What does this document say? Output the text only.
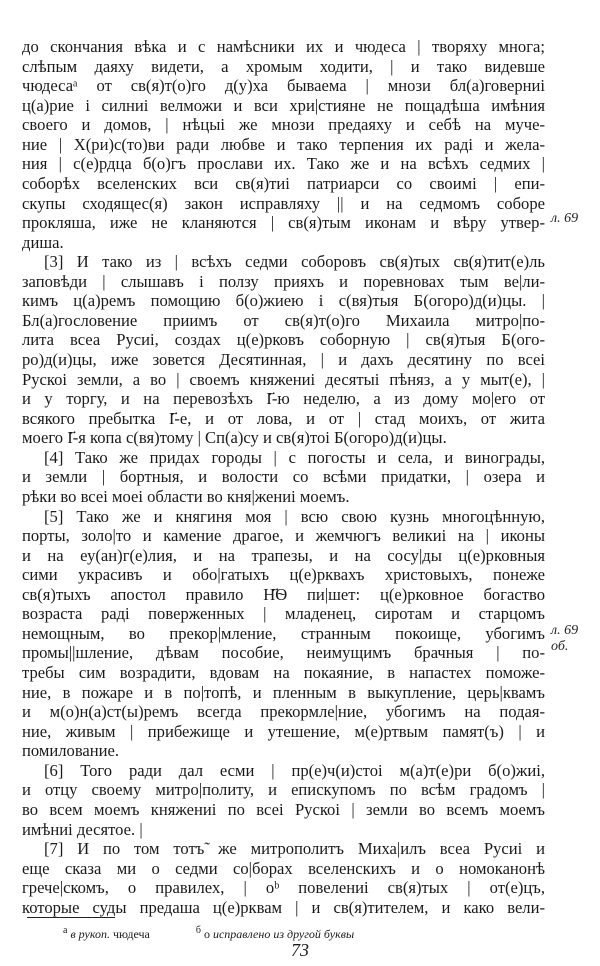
до скончания вѣка и с намѣсники их и чюдеса | творяху многа;
слѣпым даяху видети, а хромым ходити, | и тако видевше
чюдесаᵃ от св(я)т(о)го д(у)ха бываема | мнози бл(а)говерниі
ц(а)рие і силниі велможи и вси хри|стияне не пощадѣша имѣния
своего и домов, | нѣцыі же мнози предаяху и себѣ на муче-
ние | Х(ри)с(то)ви ради любве и тако терпения их раді и жела-
ния | с(е)рдца б(о)гъ прослави их. Тако же и на всѣхъ седмих |
соборѣх вселенских вси св(я)тиі патриарси со своимі | епи-
скупы сходящес(я) закон исправляху || и на седмомъ соборе
прокляша, иже не кланяются | св(я)тым иконам и вѣру утвер-
диша.
[3] И тако из | всѣхъ седми соборовъ св(я)тых св(я)тит(е)ль
заповѣди | слышавъ і ползу прияхъ и поревновах тым ве|ли-
кимъ ц(а)ремъ помощию б(о)жиею і с(вя)тыя Б(огоро)д(и)цы. |
Бл(а)гословение приимъ от св(я)т(о)го Михаила митро|по-
лита всеа Русиі, создах ц(е)рковъ соборную | св(я)тыя Б(ого-
ро)д(и)цы, иже зовется Десятинная, | и дахъ десятину по всеі
Рускоі земли, а во | своемъ княжениі десятыі пѣняз, а у мыт(е), |
и у торгу, и на перевозѣхъ І҃-ю неделю, а из дому мо|его от
всякого пребытка І҃-е, и от лова, и от | стад моихъ, от жита
моего І҃-я копа с(вя)тому | Сп(а)су и св(я)тоі Б(огоро)д(и)цы.
[4] Тако же придах городы | с погосты и села, и винограды,
и земли | бортныя, и волости со всѣми придатки, | озера и
рѣки во всеі моеі области во кня|жениі моемъ.
[5] Тако же и княгиня моя | всю свою кузнь многоцѣнную,
порты, золо|то и камение драгое, и жемчюгъ великиі на | иконы
и на еу(ан)г(е)лия, и на трапезы, и на сосу|ды ц(е)рковныя
сими украсивъ и обо|гатыхъ ц(е)рквахъ христовыхъ, понеже
св(я)тыхъ апостол правило Н҃Ѳ пи|шет: ц(е)рковное богаство
возраста раді поверженных | младенец, сиротам и старцомъ
немощным, во прекор|мление, странным покоище, убогимъ
промы||шление, дѣвам пособие, неимущимъ брачныя | по-
требы сим возрадити, вдовам на покаяние, в напастех поможе-
ние, в пожаре и в по|топѣ, и пленным в выкупление, церь|квамъ
и м(о)н(а)ст(ы)ремъ всегда прекормле|ние, убогимъ на подая-
ние, живым | прибежище и утешение, м(е)ртвым памят(ъ) | и
помилование.
[6] Того ради дал есми | пр(е)ч(и)стоі м(а)т(е)ри б(о)жиі,
и отцу своему митро|политу, и епискупомъ по всѣм градомъ |
во всем моемъ княжениі по всеі Рускоі | земли во всемъ моемъ
имѣниі десятое. |
[7] И по том тотъ̃ же митрополитъ Миха|илъ всеа Русиі и
еще сказа ми о седми со|борах вселенскихъ и о номоканонѣ
грече|скомъ, о правилех, | оᵇ повелениі св(я)тых | от(е)цъ,
которые суды предаша ц(е)рквам | и св(я)тителем, и како вели-
л. 69
л. 69
об.
$^а$ в рукоп. чюдеча	$^б$ о исправлено из другой буквы
73
